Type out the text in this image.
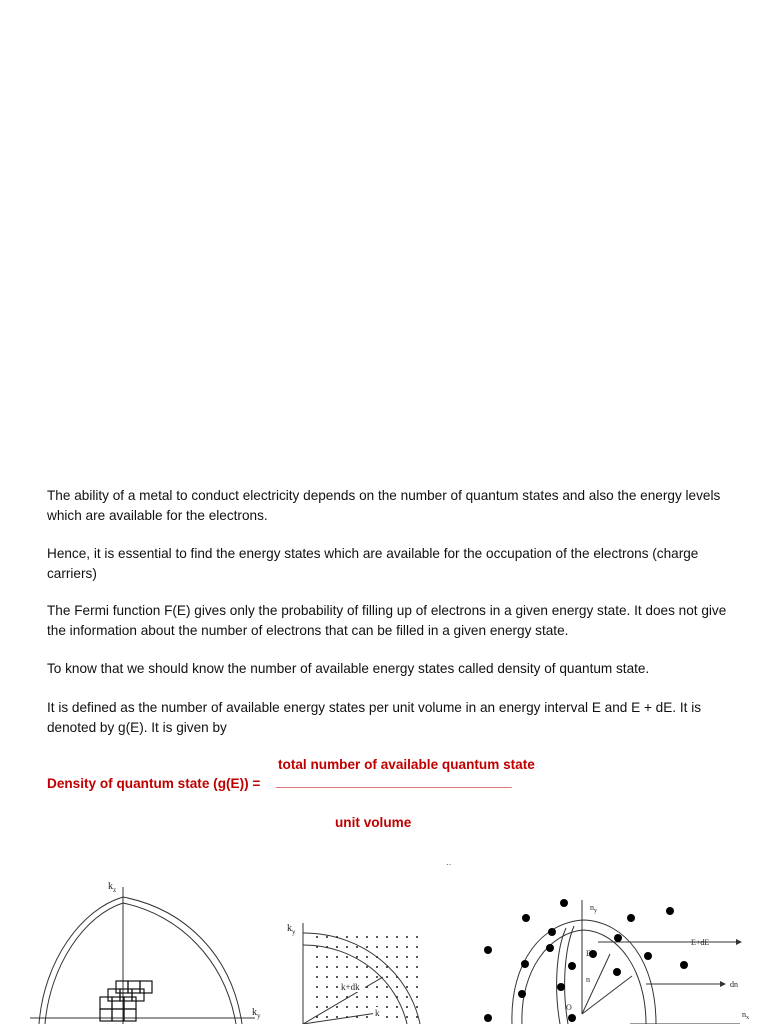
The ability of a metal to conduct electricity depends on the number of quantum states and also the energy levels which are available for the electrons.

Hence, it is essential to find the energy states which are available for the occupation of the electrons (charge carriers)

The Fermi function F(E) gives only the probability of filling up of electrons in a given energy state. It does not give the information about the number of electrons that can be filled in a given energy state.

To know that we should know the number of available energy states called density of quantum state.

It is defined as the number of available energy states per unit volume in an energy interval E and E + dE. It is denoted by g(E). It is given by

total number of available quantum state

Density of quantum state (g(E)) = ________________________________

unit volume

$k_z$
$k_y$
k+dk
k
$k_y$
$n_y$
E
n
O
E+dE
dn
$n_x$
‥
